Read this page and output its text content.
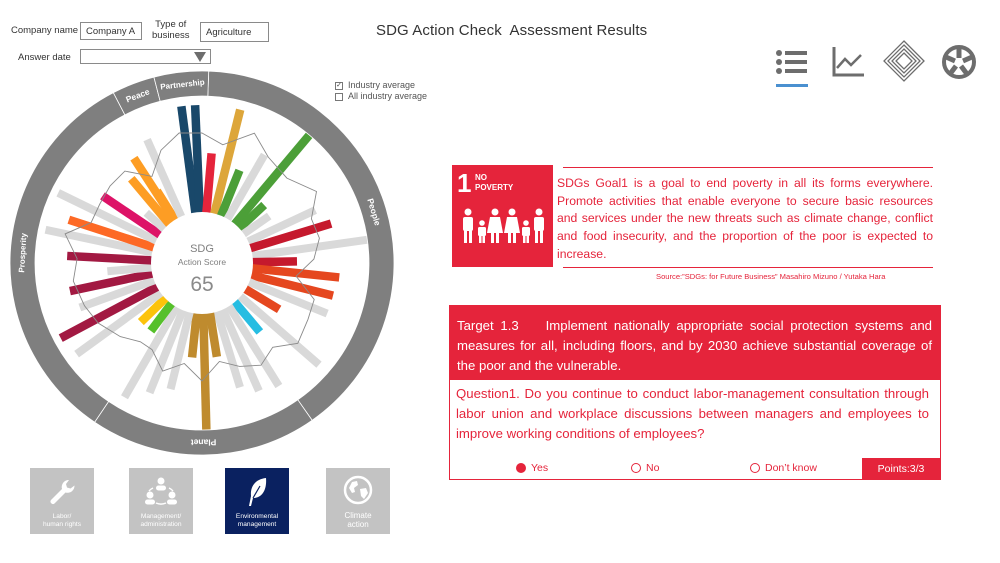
Company name Company A
Type of
business Agriculture
Answer date
SDG Action Check  Assessment Results
✓ Industry average
All industry average
People
Planet
Prosperity
Peace
Partnership
SDG
Action Score
65
1 NO
POVERTY	SDGs Goal1 is a goal to end poverty in all its forms everywhere. Promote activities that enable everyone to secure basic resources and services under the new threats such as climate change, conflict and food insecurity, and the proportion of the poor is expected to increase.
Source:”SDGs: for Future Business” Masahiro Mizuno / Yutaka Hara
Target 1.3    Implement nationally appropriate social protection systems and measures for all, including floors, and by 2030 achieve substantial coverage of the poor and the vulnerable.
Question1. Do you continue to conduct labor-management consultation through labor union and workplace discussions between managers and employees to improve working conditions of employees?
Yes	No	Don’t know	Points:3/3
Labor/
human rights
Management/
administration
Environmental
management
Climate
action
